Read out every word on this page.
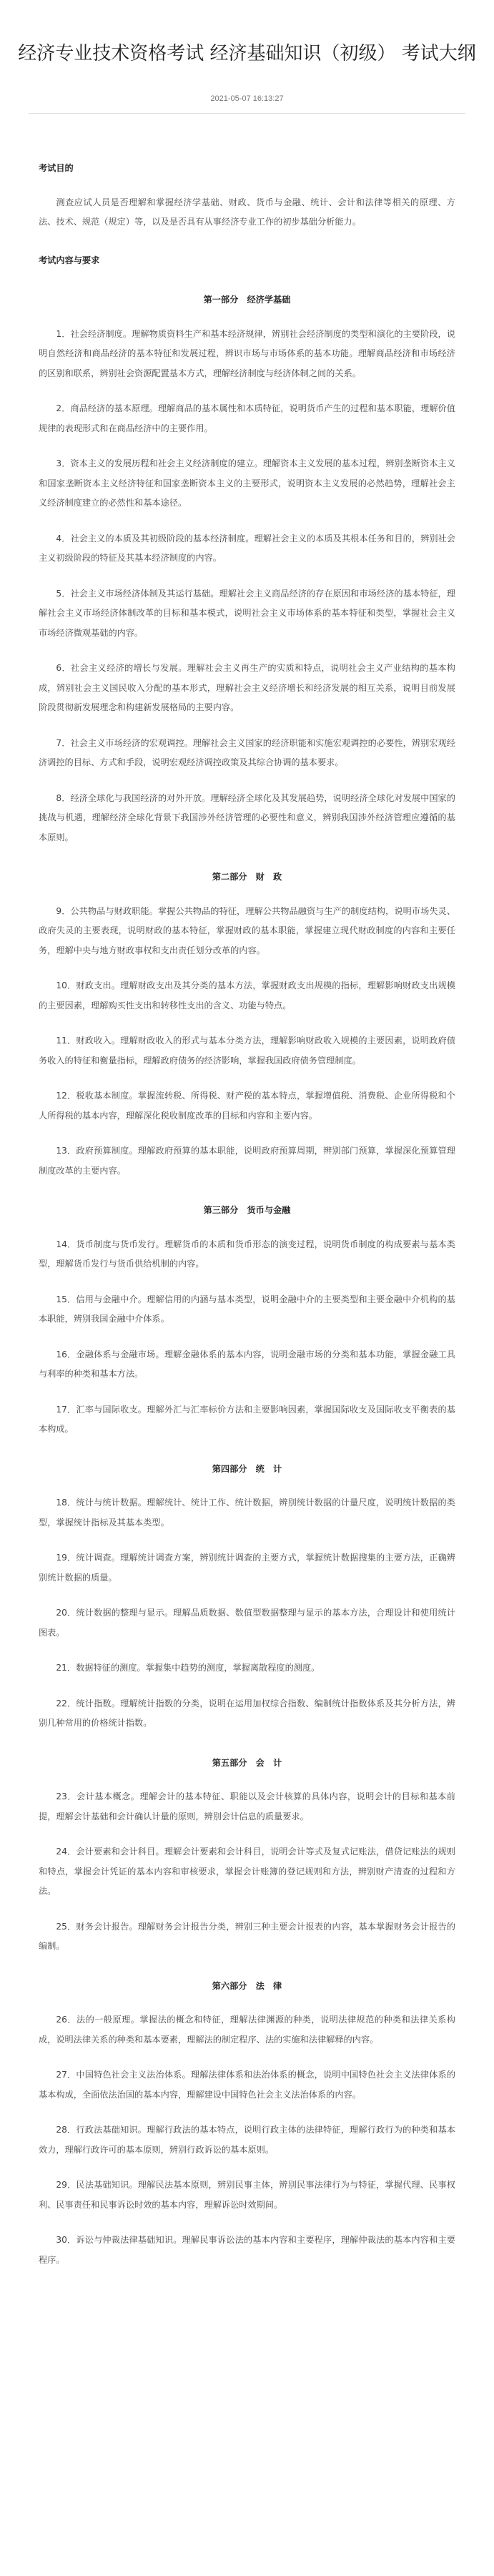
经济专业技术资格考试 经济基础知识（初级） 考试大纲
2021-05-07 16:13:27
考试目的
测查应试人员是否理解和掌握经济学基础、财政、货币与金融、统计、会计和法律等相关的原理、方法、技术、规范（规定）等，以及是否具有从事经济专业工作的初步基础分析能力。
考试内容与要求
第一部分　经济学基础
1．社会经济制度。理解物质资料生产和基本经济规律，辨别社会经济制度的类型和演化的主要阶段，说明自然经济和商品经济的基本特征和发展过程，辨识市场与市场体系的基本功能。理解商品经济和市场经济的区别和联系，辨别社会资源配置基本方式，理解经济制度与经济体制之间的关系。
2．商品经济的基本原理。理解商品的基本属性和本质特征，说明货币产生的过程和基本职能，理解价值规律的表现形式和在商品经济中的主要作用。
3．资本主义的发展历程和社会主义经济制度的建立。理解资本主义发展的基本过程，辨别垄断资本主义和国家垄断资本主义经济特征和国家垄断资本主义的主要形式，说明资本主义发展的必然趋势，理解社会主义经济制度建立的必然性和基本途径。
4．社会主义的本质及其初级阶段的基本经济制度。理解社会主义的本质及其根本任务和目的，辨别社会主义初级阶段的特征及其基本经济制度的内容。
5．社会主义市场经济体制及其运行基础。理解社会主义商品经济的存在原因和市场经济的基本特征，理解社会主义市场经济体制改革的目标和基本模式，说明社会主义市场体系的基本特征和类型，掌握社会主义市场经济微观基础的内容。
6．社会主义经济的增长与发展。理解社会主义再生产的实质和特点，说明社会主义产业结构的基本构成，辨别社会主义国民收入分配的基本形式，理解社会主义经济增长和经济发展的相互关系，说明目前发展阶段贯彻新发展理念和构建新发展格局的主要内容。
7．社会主义市场经济的宏观调控。理解社会主义国家的经济职能和实施宏观调控的必要性，辨别宏观经济调控的目标、方式和手段，说明宏观经济调控政策及其综合协调的基本要求。
8．经济全球化与我国经济的对外开放。理解经济全球化及其发展趋势，说明经济全球化对发展中国家的挑战与机遇，理解经济全球化背景下我国涉外经济管理的必要性和意义，辨别我国涉外经济管理应遵循的基本原则。
第二部分　财　政
9．公共物品与财政职能。掌握公共物品的特征，理解公共物品融资与生产的制度结构，说明市场失灵、政府失灵的主要表现，说明财政的基本特征，掌握财政的基本职能，掌握建立现代财政制度的内容和主要任务，理解中央与地方财政事权和支出责任划分改革的内容。
10．财政支出。理解财政支出及其分类的基本方法，掌握财政支出规模的指标，理解影响财政支出规模的主要因素，理解购买性支出和转移性支出的含义、功能与特点。
11．财政收入。理解财政收入的形式与基本分类方法，理解影响财政收入规模的主要因素，说明政府债务收入的特征和衡量指标，理解政府债务的经济影响，掌握我国政府债务管理制度。
12．税收基本制度。掌握流转税、所得税、财产税的基本特点，掌握增值税、消费税、企业所得税和个人所得税的基本内容，理解深化税收制度改革的目标和内容和主要内容。
13．政府预算制度。理解政府预算的基本职能，说明政府预算周期，辨别部门预算，掌握深化预算管理制度改革的主要内容。
第三部分　货币与金融
14．货币制度与货币发行。理解货币的本质和货币形态的演变过程，说明货币制度的构成要素与基本类型，理解货币发行与货币供给机制的内容。
15．信用与金融中介。理解信用的内涵与基本类型，说明金融中介的主要类型和主要金融中介机构的基本职能，辨别我国金融中介体系。
16．金融体系与金融市场。理解金融体系的基本内容，说明金融市场的分类和基本功能，掌握金融工具与利率的种类和基本方法。
17．汇率与国际收支。理解外汇与汇率标价方法和主要影响因素，掌握国际收支及国际收支平衡表的基本构成。
第四部分　统　计
18．统计与统计数据。理解统计、统计工作、统计数据，辨别统计数据的计量尺度，说明统计数据的类型，掌握统计指标及其基本类型。
19．统计调查。理解统计调查方案，辨别统计调查的主要方式，掌握统计数据搜集的主要方法，正确辨别统计数据的质量。
20．统计数据的整理与显示。理解品质数据、数值型数据整理与显示的基本方法，合理设计和使用统计图表。
21．数据特征的测度。掌握集中趋势的测度，掌握离散程度的测度。
22．统计指数。理解统计指数的分类，说明在运用加权综合指数、编制统计指数体系及其分析方法，辨别几种常用的价格统计指数。
第五部分　会　计
23．会计基本概念。理解会计的基本特征、职能以及会计核算的具体内容，说明会计的目标和基本前提，理解会计基础和会计确认计量的原则，辨别会计信息的质量要求。
24．会计要素和会计科目。理解会计要素和会计科目，说明会计等式及复式记账法，借贷记账法的规则和特点，掌握会计凭证的基本内容和审核要求，掌握会计账簿的登记规则和方法，辨别财产清查的过程和方法。
25．财务会计报告。理解财务会计报告分类，辨别三种主要会计报表的内容，基本掌握财务会计报告的编制。
第六部分　法　律
26．法的一般原理。掌握法的概念和特征，理解法律渊源的种类，说明法律规范的种类和法律关系构成，说明法律关系的种类和基本要素，理解法的制定程序、法的实施和法律解释的内容。
27．中国特色社会主义法治体系。理解法律体系和法治体系的概念，说明中国特色社会主义法律体系的基本构成，全面依法治国的基本内容，理解建设中国特色社会主义法治体系的内容。
28．行政法基础知识。理解行政法的基本特点，说明行政主体的法律特征，理解行政行为的种类和基本效力，理解行政许可的基本原则，辨别行政诉讼的基本原则。
29．民法基础知识。理解民法基本原则，辨别民事主体，辨别民事法律行为与特征，掌握代理、民事权利、民事责任和民事诉讼时效的基本内容，理解诉讼时效期间。
30．诉讼与仲裁法律基础知识。理解民事诉讼法的基本内容和主要程序，理解仲裁法的基本内容和主要程序。
